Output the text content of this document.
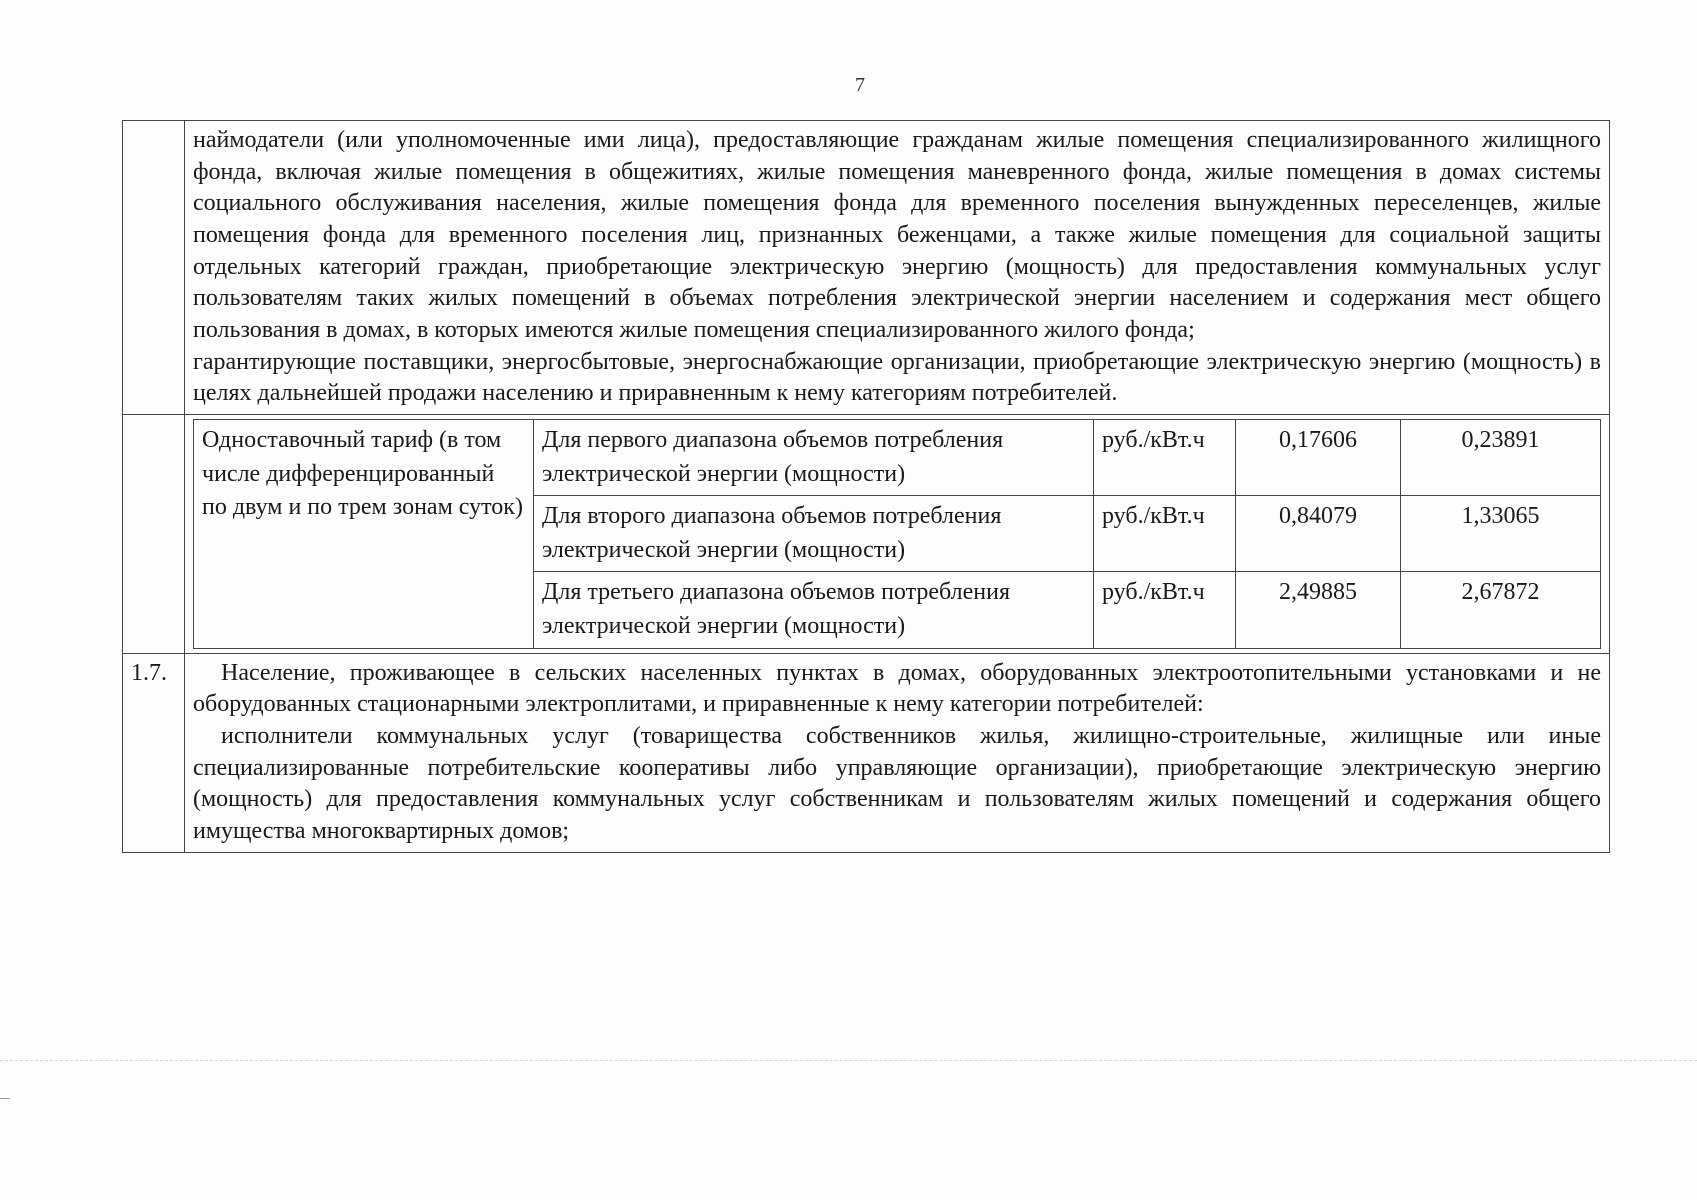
7

наймодатели (или уполномоченные ими лица), предоставляющие гражданам жилые помещения специализированного жилищного фонда, включая жилые помещения в общежитиях, жилые помещения маневренного фонда, жилые помещения в домах системы социального обслуживания населения, жилые помещения фонда для временного поселения вынужденных переселенцев, жилые помещения фонда для временного поселения лиц, признанных беженцами, а также жилые помещения для социальной защиты отдельных категорий граждан, приобретающие электрическую энергию (мощность) для предоставления коммунальных услуг пользователям таких жилых помещений в объемах потребления электрической энергии населением и содержания мест общего пользования в домах, в которых имеются жилые помещения специализированного жилого фонда;

гарантирующие поставщики, энергосбытовые, энергоснабжающие организации, приобретающие электрическую энергию (мощность) в целях дальнейшей продажи населению и приравненным к нему категориям потребителей.

Одноставочный тариф (в том числе дифференцированный по двум и по трем зонам суток)	Для первого диапазона объемов потребления электрической энергии (мощности)	руб./кВт.ч	0,17606	0,23891
Для второго диапазона объемов потребления электрической энергии (мощности)	руб./кВт.ч	0,84079	1,33065
Для третьего диапазона объемов потребления электрической энергии (мощности)	руб./кВт.ч	2,49885	2,67872

1.7.	Население, проживающее в сельских населенных пунктах в домах, оборудованных электроотопительными установками и не оборудованных стационарными электроплитами, и приравненные к нему категории потребителей:

исполнители коммунальных услуг (товарищества собственников жилья, жилищно-строительные, жилищные или иные специализированные потребительские кооперативы либо управляющие организации), приобретающие электрическую энергию (мощность) для предоставления коммунальных услуг собственникам и пользователям жилых помещений и содержания общего имущества многоквартирных домов;
